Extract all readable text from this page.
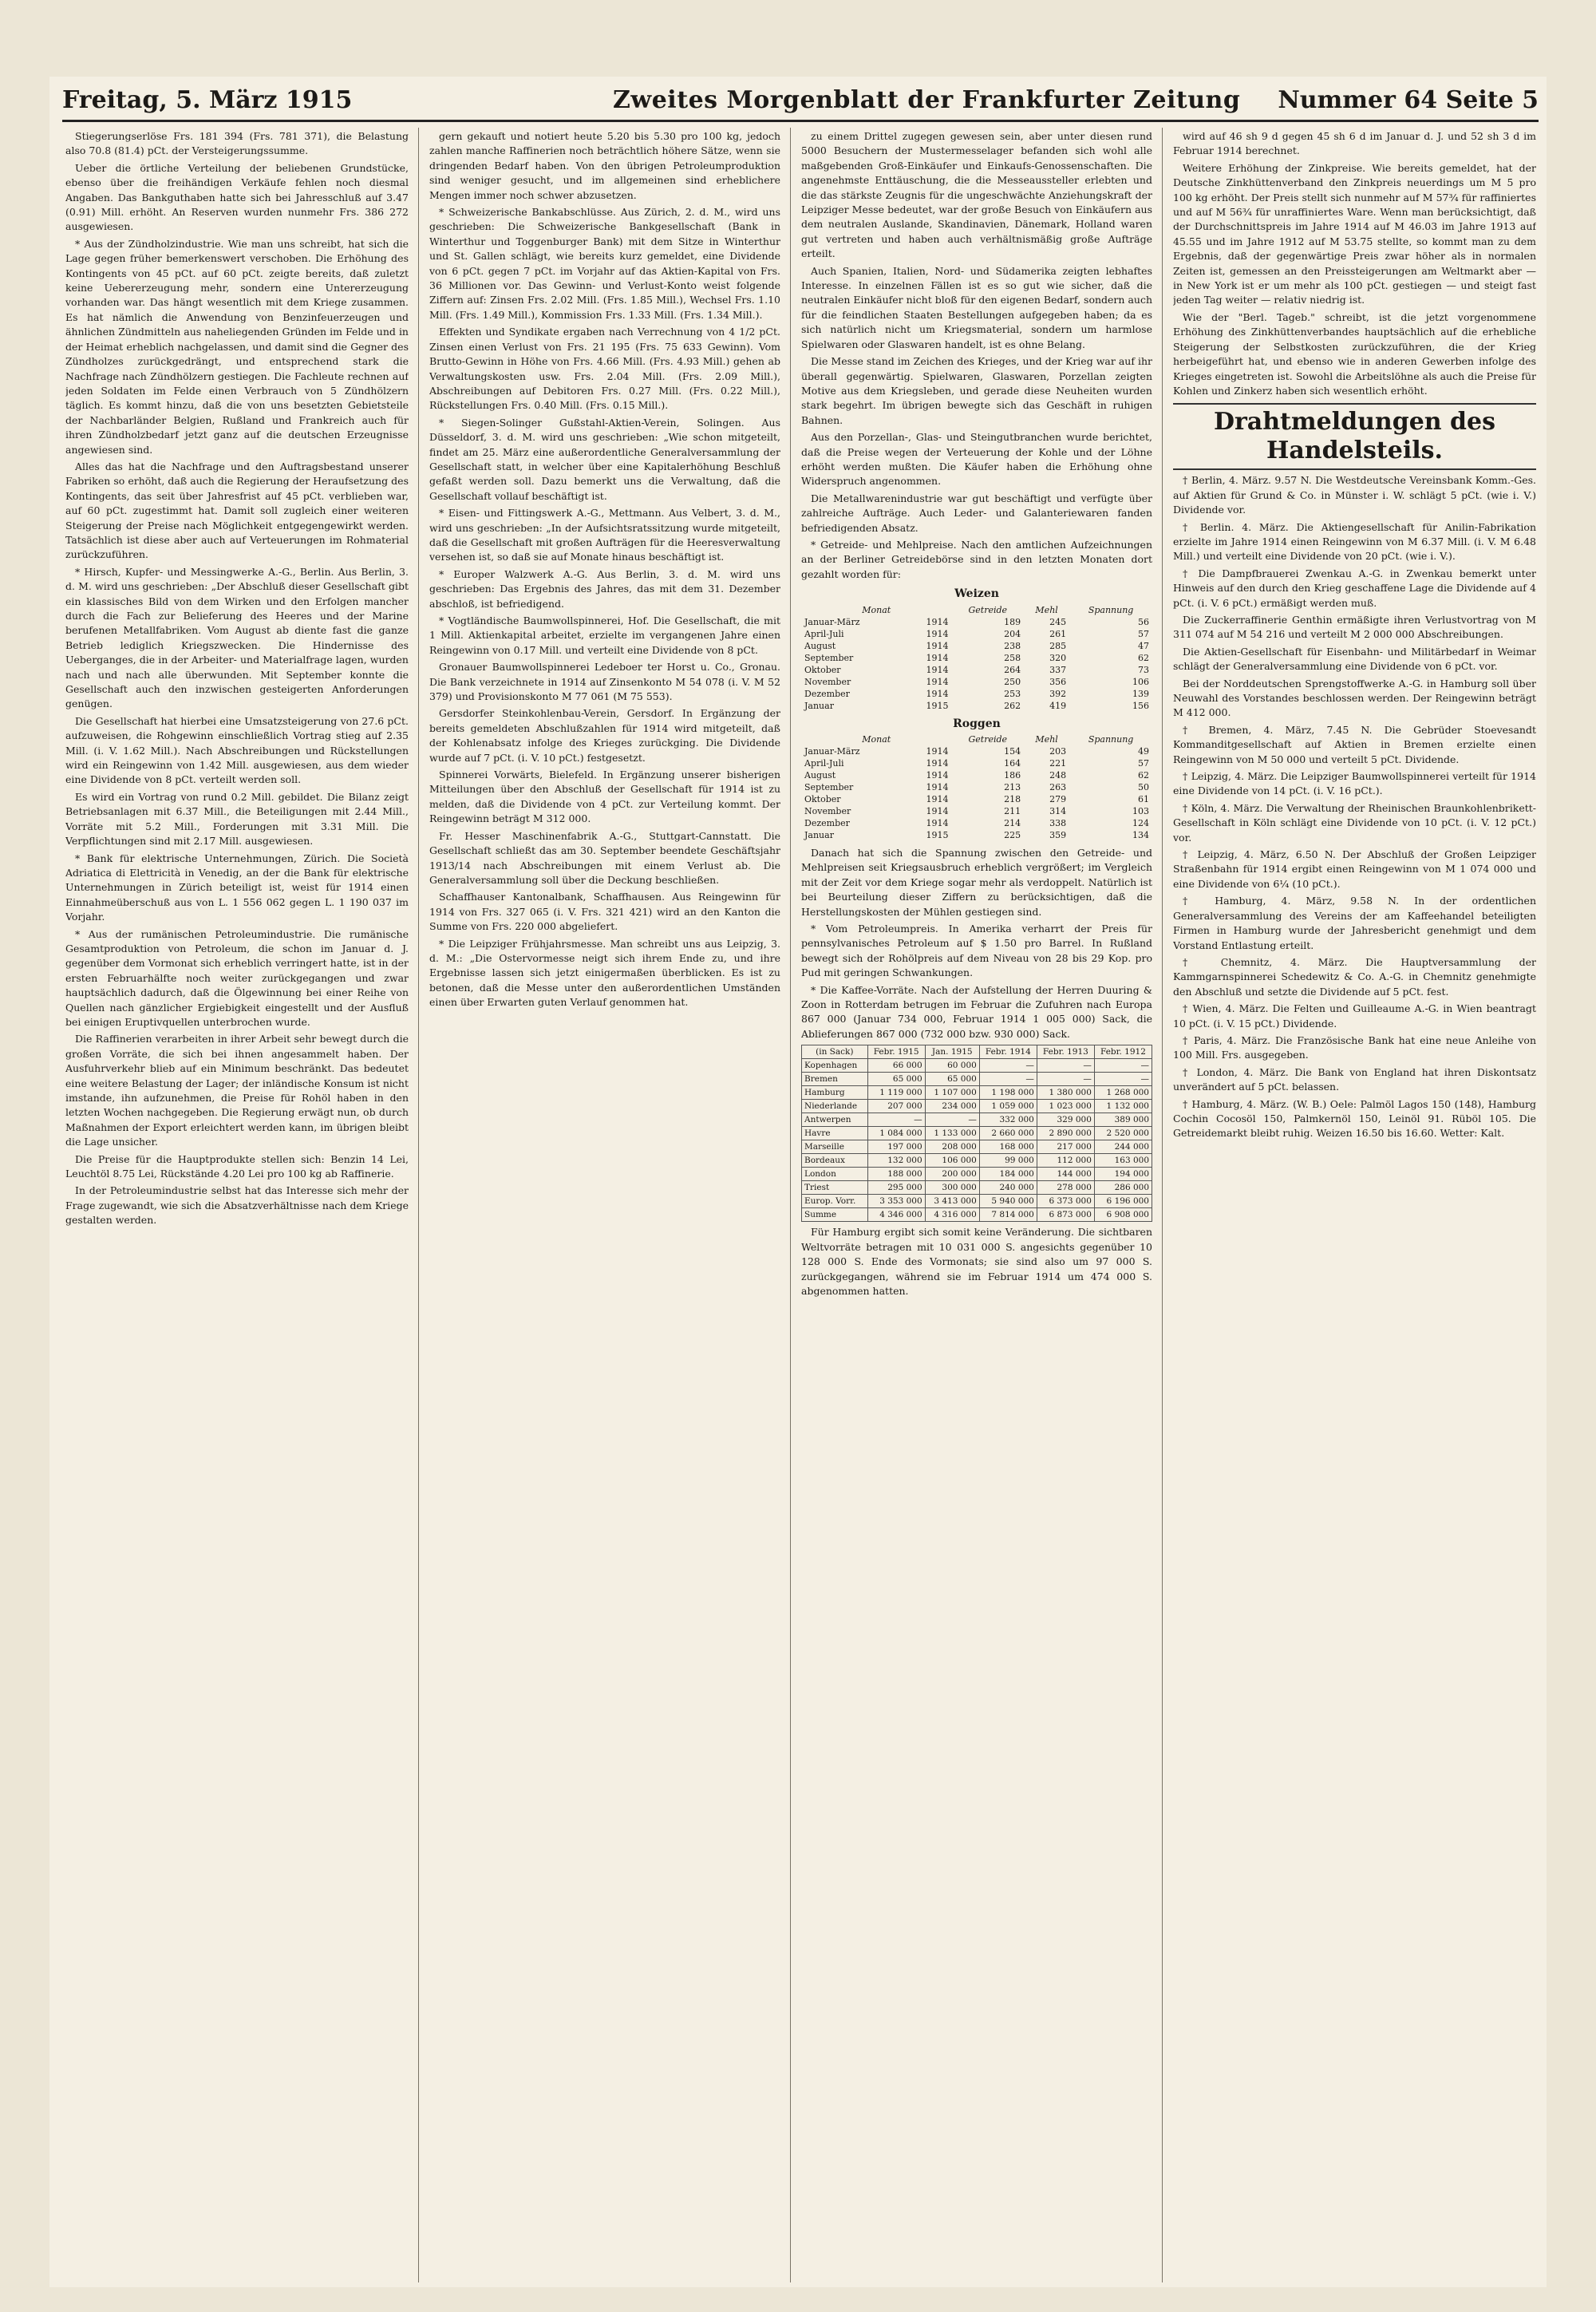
Freitag, 5. März 1915	Zweites Morgenblatt der Frankfurter Zeitung Nummer 64 Seite 5

Stiegerungserlöse Frs. 181 394 (Frs. 781 371), die Belastung also 70.8 (81.4) pCt. der Versteigerungssumme.

Ueber die örtliche Verteilung der beliebenen Grundstücke, ebenso über die freihändigen Verkäufe fehlen noch diesmal Angaben. Das Bankguthaben hatte sich bei Jahresschluß auf 3.47 (0.91) Mill. erhöht. An Reserven wurden nunmehr Frs. 386 272 ausgewiesen.

* Aus der Zündholzindustrie. Wie man uns schreibt, hat sich die Lage gegen früher bemerkenswert verschoben. Die Erhöhung des Kontingents von 45 pCt. auf 60 pCt. zeigte bereits, daß zuletzt keine Uebererzeugung mehr, sondern eine Untererzeugung vorhanden war. Das hängt wesentlich mit dem Kriege zusammen. Es hat nämlich die Anwendung von Benzinfeuerzeugen und ähnlichen Zündmitteln aus naheliegenden Gründen im Felde und in der Heimat erheblich nachgelassen, und damit sind die Gegner des Zündholzes zurückgedrängt, und entsprechend stark die Nachfrage nach Zündhölzern gestiegen. Die Fachleute rechnen auf jeden Soldaten im Felde einen Verbrauch von 5 Zündhölzern täglich. Es kommt hinzu, daß die von uns besetzten Gebietsteile der Nachbarländer Belgien, Rußland und Frankreich auch für ihren Zündholzbedarf jetzt ganz auf die deutschen Erzeugnisse angewiesen sind.

Alles das hat die Nachfrage und den Auftragsbestand unserer Fabriken so erhöht, daß auch die Regierung der Heraufsetzung des Kontingents, das seit über Jahresfrist auf 45 pCt. verblieben war, auf 60 pCt. zugestimmt hat. Damit soll zugleich einer weiteren Steigerung der Preise nach Möglichkeit entgegengewirkt werden. Tatsächlich ist diese aber auch auf Verteuerungen im Rohmaterial zurückzuführen.

* Hirsch, Kupfer- und Messingwerke A.-G., Berlin. Aus Berlin, 3. d. M. wird uns geschrieben: „Der Abschluß dieser Gesellschaft gibt ein klassisches Bild von dem Wirken und den Erfolgen mancher durch die Fach zur Belieferung des Heeres und der Marine berufenen Metallfabriken. Vom August ab diente fast die ganze Betrieb lediglich Kriegszwecken. Die Hindernisse des Ueberganges, die in der Arbeiter- und Materialfrage lagen, wurden nach und nach alle überwunden. Mit September konnte die Gesellschaft auch den inzwischen gesteigerten Anforderungen genügen.

Die Gesellschaft hat hierbei eine Umsatzsteigerung von 27.6 pCt. aufzuweisen, die Rohgewinn einschließlich Vortrag stieg auf 2.35 Mill. (i. V. 1.62 Mill.). Nach Abschreibungen und Rückstellungen wird ein Reingewinn von 1.42 Mill. ausgewiesen, aus dem wieder eine Dividende von 8 pCt. verteilt werden soll.

Es wird ein Vortrag von rund 0.2 Mill. gebildet. Die Bilanz zeigt Betriebsanlagen mit 6.37 Mill., die Beteiligungen mit 2.44 Mill., Vorräte mit 5.2 Mill., Forderungen mit 3.31 Mill. Die Verpflichtungen sind mit 2.17 Mill. ausgewiesen.

* Bank für elektrische Unternehmungen, Zürich. Die Società Adriatica di Elettricità in Venedig, an der die Bank für elektrische Unternehmungen in Zürich beteiligt ist, weist für 1914 einen Einnahmeüberschuß aus von L. 1 556 062 gegen L. 1 190 037 im Vorjahr.

* Aus der rumänischen Petroleumindustrie. Die rumänische Gesamtproduktion von Petroleum, die schon im Januar d. J. gegenüber dem Vormonat sich erheblich verringert hatte, ist in der ersten Februarhälfte noch weiter zurückgegangen und zwar hauptsächlich dadurch, daß die Ölgewinnung bei einer Reihe von Quellen nach gänzlicher Ergiebigkeit eingestellt und der Ausfluß bei einigen Eruptivquellen unterbrochen wurde.

Die Raffinerien verarbeiten in ihrer Arbeit sehr bewegt durch die großen Vorräte, die sich bei ihnen angesammelt haben. Der Ausfuhrverkehr blieb auf ein Minimum beschränkt. Das bedeutet eine weitere Belastung der Lager; der inländische Konsum ist nicht imstande, ihn aufzunehmen, die Preise für Rohöl haben in den letzten Wochen nachgegeben. Die Regierung erwägt nun, ob durch Maßnahmen der Export erleichtert werden kann, im übrigen bleibt die Lage unsicher.

Die Preise für die Hauptprodukte stellen sich: Benzin 14 Lei, Leuchtöl 8.75 Lei, Rückstände 4.20 Lei pro 100 kg ab Raffinerie.

In der Petroleumindustrie selbst hat das Interesse sich mehr der Frage zugewandt, wie sich die Absatzverhältnisse nach dem Kriege gestalten werden.

gern gekauft und notiert heute 5.20 bis 5.30 pro 100 kg, jedoch zahlen manche Raffinerien noch beträchtlich höhere Sätze, wenn sie dringenden Bedarf haben. Von den übrigen Petroleumproduktion sind weniger gesucht, und im allgemeinen sind erheblichere Mengen immer noch schwer abzusetzen.

* Schweizerische Bankabschlüsse. Aus Zürich, 2. d. M., wird uns geschrieben: Die Schweizerische Bankgesellschaft (Bank in Winterthur und Toggenburger Bank) mit dem Sitze in Winterthur und St. Gallen schlägt, wie bereits kurz gemeldet, eine Dividende von 6 pCt. gegen 7 pCt. im Vorjahr auf das Aktien-Kapital von Frs. 36 Millionen vor. Das Gewinn- und Verlust-Konto weist folgende Ziffern auf: Zinsen Frs. 2.02 Mill. (Frs. 1.85 Mill.), Wechsel Frs. 1.10 Mill. (Frs. 1.49 Mill.), Kommission Frs. 1.33 Mill. (Frs. 1.34 Mill.).

Effekten und Syndikate ergaben nach Verrechnung von 4 1/2 pCt. Zinsen einen Verlust von Frs. 21 195 (Frs. 75 633 Gewinn). Vom Brutto-Gewinn in Höhe von Frs. 4.66 Mill. (Frs. 4.93 Mill.) gehen ab Verwaltungskosten usw. Frs. 2.04 Mill. (Frs. 2.09 Mill.), Abschreibungen auf Debitoren Frs. 0.27 Mill. (Frs. 0.22 Mill.), Rückstellungen Frs. 0.40 Mill. (Frs. 0.15 Mill.).

* Siegen-Solinger Gußstahl-Aktien-Verein, Solingen. Aus Düsseldorf, 3. d. M. wird uns geschrieben: „Wie schon mitgeteilt, findet am 25. März eine außerordentliche Generalversammlung der Gesellschaft statt, in welcher über eine Kapitalerhöhung Beschluß gefaßt werden soll. Dazu bemerkt uns die Verwaltung, daß die Gesellschaft vollauf beschäftigt ist.

* Eisen- und Fittingswerk A.-G., Mettmann. Aus Velbert, 3. d. M., wird uns geschrieben: „In der Aufsichtsratssitzung wurde mitgeteilt, daß die Gesellschaft mit großen Aufträgen für die Heeresverwaltung versehen ist, so daß sie auf Monate hinaus beschäftigt ist.

* Europer Walzwerk A.-G. Aus Berlin, 3. d. M. wird uns geschrieben: Das Ergebnis des Jahres, das mit dem 31. Dezember abschloß, ist befriedigend.

* Vogtländische Baumwollspinnerei, Hof. Die Gesellschaft, die mit 1 Mill. Aktienkapital arbeitet, erzielte im vergangenen Jahre einen Reingewinn von 0.17 Mill. und verteilt eine Dividende von 8 pCt.

Gronauer Baumwollspinnerei Ledeboer ter Horst u. Co., Gronau. Die Bank verzeichnete in 1914 auf Zinsenkonto M 54 078 (i. V. M 52 379) und Provisionskonto M 77 061 (M 75 553).

Gersdorfer Steinkohlenbau-Verein, Gersdorf. In Ergänzung der bereits gemeldeten Abschlußzahlen für 1914 wird mitgeteilt, daß der Kohlenabsatz infolge des Krieges zurückging. Die Dividende wurde auf 7 pCt. (i. V. 10 pCt.) festgesetzt.

Spinnerei Vorwärts, Bielefeld. In Ergänzung unserer bisherigen Mitteilungen über den Abschluß der Gesellschaft für 1914 ist zu melden, daß die Dividende von 4 pCt. zur Verteilung kommt. Der Reingewinn beträgt M 312 000.

Fr. Hesser Maschinenfabrik A.-G., Stuttgart-Cannstatt. Die Gesellschaft schließt das am 30. September beendete Geschäftsjahr 1913/14 nach Abschreibungen mit einem Verlust ab. Die Generalversammlung soll über die Deckung beschließen.

Schaffhauser Kantonalbank, Schaffhausen. Aus Reingewinn für 1914 von Frs. 327 065 (i. V. Frs. 321 421) wird an den Kanton die Summe von Frs. 220 000 abgeliefert.

* Die Leipziger Frühjahrsmesse. Man schreibt uns aus Leipzig, 3. d. M.: „Die Ostervormesse neigt sich ihrem Ende zu, und ihre Ergebnisse lassen sich jetzt einigermaßen überblicken. Es ist zu betonen, daß die Messe unter den außerordentlichen Umständen einen über Erwarten guten Verlauf genommen hat.

zu einem Drittel zugegen gewesen sein, aber unter diesen rund 5000 Besuchern der Mustermesselager befanden sich wohl alle maßgebenden Groß-Einkäufer und Einkaufs-Genossenschaften. Die angenehmste Enttäuschung, die die Messeaussteller erlebten und die das stärkste Zeugnis für die ungeschwächte Anziehungskraft der Leipziger Messe bedeutet, war der große Besuch von Einkäufern aus dem neutralen Auslande, Skandinavien, Dänemark, Holland waren gut vertreten und haben auch verhältnismäßig große Aufträge erteilt.

Auch Spanien, Italien, Nord- und Südamerika zeigten lebhaftes Interesse. In einzelnen Fällen ist es so gut wie sicher, daß die neutralen Einkäufer nicht bloß für den eigenen Bedarf, sondern auch für die feindlichen Staaten Bestellungen aufgegeben haben; da es sich natürlich nicht um Kriegsmaterial, sondern um harmlose Spielwaren oder Glaswaren handelt, ist es ohne Belang.

Die Messe stand im Zeichen des Krieges, und der Krieg war auf ihr überall gegenwärtig. Spielwaren, Glaswaren, Porzellan zeigten Motive aus dem Kriegsleben, und gerade diese Neuheiten wurden stark begehrt. Im übrigen bewegte sich das Geschäft in ruhigen Bahnen.

Aus den Porzellan-, Glas- und Steingutbranchen wurde berichtet, daß die Preise wegen der Verteuerung der Kohle und der Löhne erhöht werden mußten. Die Käufer haben die Erhöhung ohne Widerspruch angenommen.

Die Metallwarenindustrie war gut beschäftigt und verfügte über zahlreiche Aufträge. Auch Leder- und Galanteriewaren fanden befriedigenden Absatz.

* Getreide- und Mehlpreise. Nach den amtlichen Aufzeichnungen an der Berliner Getreidebörse sind in den letzten Monaten dort gezahlt worden für:

Weizen
Monat		Getreide	Mehl	Spannung
Januar-März	1914	189	245	56
April-Juli	1914	204	261	57
August	1914	238	285	47
September	1914	258	320	62
Oktober	1914	264	337	73
November	1914	250	356	106
Dezember	1914	253	392	139
Januar	1915	262	419	156
Roggen
Monat		Getreide	Mehl	Spannung
Januar-März	1914	154	203	49
April-Juli	1914	164	221	57
August	1914	186	248	62
September	1914	213	263	50
Oktober	1914	218	279	61
November	1914	211	314	103
Dezember	1914	214	338	124
Januar	1915	225	359	134

Danach hat sich die Spannung zwischen den Getreide- und Mehlpreisen seit Kriegsausbruch erheblich vergrößert; im Vergleich mit der Zeit vor dem Kriege sogar mehr als verdoppelt. Natürlich ist bei Beurteilung dieser Ziffern zu berücksichtigen, daß die Herstellungskosten der Mühlen gestiegen sind.

* Vom Petroleumpreis. In Amerika verharrt der Preis für pennsylvanisches Petroleum auf $ 1.50 pro Barrel. In Rußland bewegt sich der Rohölpreis auf dem Niveau von 28 bis 29 Kop. pro Pud mit geringen Schwankungen.

* Die Kaffee-Vorräte. Nach der Aufstellung der Herren Duuring & Zoon in Rotterdam betrugen im Februar die Zufuhren nach Europa 867 000 (Januar 734 000, Februar 1914 1 005 000) Sack, die Ablieferungen 867 000 (732 000 bzw. 930 000) Sack.

(in Sack)	Febr. 1915	Jan. 1915	Febr. 1914	Febr. 1913	Febr. 1912
Kopenhagen	66 000	60 000	—	—	—
Bremen	65 000	65 000	—	—	—
Hamburg	1 119 000	1 107 000	1 198 000	1 380 000	1 268 000
Niederlande	207 000	234 000	1 059 000	1 023 000	1 132 000
Antwerpen	—	—	332 000	329 000	389 000
Havre	1 084 000	1 133 000	2 660 000	2 890 000	2 520 000
Marseille	197 000	208 000	168 000	217 000	244 000
Bordeaux	132 000	106 000	99 000	112 000	163 000
London	188 000	200 000	184 000	144 000	194 000
Triest	295 000	300 000	240 000	278 000	286 000
Europ. Vorr.	3 353 000	3 413 000	5 940 000	6 373 000	6 196 000
Summe	4 346 000	4 316 000	7 814 000	6 873 000	6 908 000

Für Hamburg ergibt sich somit keine Veränderung. Die sichtbaren Weltvorräte betragen mit 10 031 000 S. angesichts gegenüber 10 128 000 S. Ende des Vormonats; sie sind also um 97 000 S. zurückgegangen, während sie im Februar 1914 um 474 000 S. abgenommen hatten.

wird auf 46 sh 9 d gegen 45 sh 6 d im Januar d. J. und 52 sh 3 d im Februar 1914 berechnet.

Weitere Erhöhung der Zinkpreise. Wie bereits gemeldet, hat der Deutsche Zinkhüttenverband den Zinkpreis neuerdings um M 5 pro 100 kg erhöht. Der Preis stellt sich nunmehr auf M 57¾ für raffiniertes und auf M 56¾ für unraffiniertes Ware. Wenn man berücksichtigt, daß der Durchschnittspreis im Jahre 1914 auf M 46.03 im Jahre 1913 auf 45.55 und im Jahre 1912 auf M 53.75 stellte, so kommt man zu dem Ergebnis, daß der gegenwärtige Preis zwar höher als in normalen Zeiten ist, gemessen an den Preissteigerungen am Weltmarkt aber — in New York ist er um mehr als 100 pCt. gestiegen — und steigt fast jeden Tag weiter — relativ niedrig ist.

Wie der "Berl. Tageb." schreibt, ist die jetzt vorgenommene Erhöhung des Zinkhüttenverbandes hauptsächlich auf die erhebliche Steigerung der Selbstkosten zurückzuführen, die der Krieg herbeigeführt hat, und ebenso wie in anderen Gewerben infolge des Krieges eingetreten ist. Sowohl die Arbeitslöhne als auch die Preise für Kohlen und Zinkerz haben sich wesentlich erhöht.

Drahtmeldungen des Handelsteils.

† Berlin, 4. März. 9.57 N. Die Westdeutsche Vereinsbank Komm.-Ges. auf Aktien für Grund & Co. in Münster i. W. schlägt 5 pCt. (wie i. V.) Dividende vor.

† Berlin. 4. März. Die Aktiengesellschaft für Anilin-Fabrikation erzielte im Jahre 1914 einen Reingewinn von M 6.37 Mill. (i. V. M 6.48 Mill.) und verteilt eine Dividende von 20 pCt. (wie i. V.).

† Die Dampfbrauerei Zwenkau A.-G. in Zwenkau bemerkt unter Hinweis auf den durch den Krieg geschaffene Lage die Dividende auf 4 pCt. (i. V. 6 pCt.) ermäßigt werden muß.

Die Zuckerraffinerie Genthin ermäßigte ihren Verlustvortrag von M 311 074 auf M 54 216 und verteilt M 2 000 000 Abschreibungen.

Die Aktien-Gesellschaft für Eisenbahn- und Militärbedarf in Weimar schlägt der Generalversammlung eine Dividende von 6 pCt. vor.

Bei der Norddeutschen Sprengstoffwerke A.-G. in Hamburg soll über Neuwahl des Vorstandes beschlossen werden. Der Reingewinn beträgt M 412 000.

† Bremen, 4. März, 7.45 N. Die Gebrüder Stoevesandt Kommanditgesellschaft auf Aktien in Bremen erzielte einen Reingewinn von M 50 000 und verteilt 5 pCt. Dividende.

† Leipzig, 4. März. Die Leipziger Baumwollspinnerei verteilt für 1914 eine Dividende von 14 pCt. (i. V. 16 pCt.).

† Köln, 4. März. Die Verwaltung der Rheinischen Braunkohlenbrikett-Gesellschaft in Köln schlägt eine Dividende von 10 pCt. (i. V. 12 pCt.) vor.

† Leipzig, 4. März, 6.50 N. Der Abschluß der Großen Leipziger Straßenbahn für 1914 ergibt einen Reingewinn von M 1 074 000 und eine Dividende von 6¼ (10 pCt.).

† Hamburg, 4. März, 9.58 N. In der ordentlichen Generalversammlung des Vereins der am Kaffeehandel beteiligten Firmen in Hamburg wurde der Jahresbericht genehmigt und dem Vorstand Entlastung erteilt.

† Chemnitz, 4. März. Die Hauptversammlung der Kammgarnspinnerei Schedewitz & Co. A.-G. in Chemnitz genehmigte den Abschluß und setzte die Dividende auf 5 pCt. fest.

† Wien, 4. März. Die Felten und Guilleaume A.-G. in Wien beantragt 10 pCt. (i. V. 15 pCt.) Dividende.

† Paris, 4. März. Die Französische Bank hat eine neue Anleihe von 100 Mill. Frs. ausgegeben.

† London, 4. März. Die Bank von England hat ihren Diskontsatz unverändert auf 5 pCt. belassen.

† Hamburg, 4. März. (W. B.) Oele: Palmöl Lagos 150 (148), Hamburg Cochin Cocosöl 150, Palmkernöl 150, Leinöl 91. Rüböl 105. Die Getreidemarkt bleibt ruhig. Weizen 16.50 bis 16.60. Wetter: Kalt.
